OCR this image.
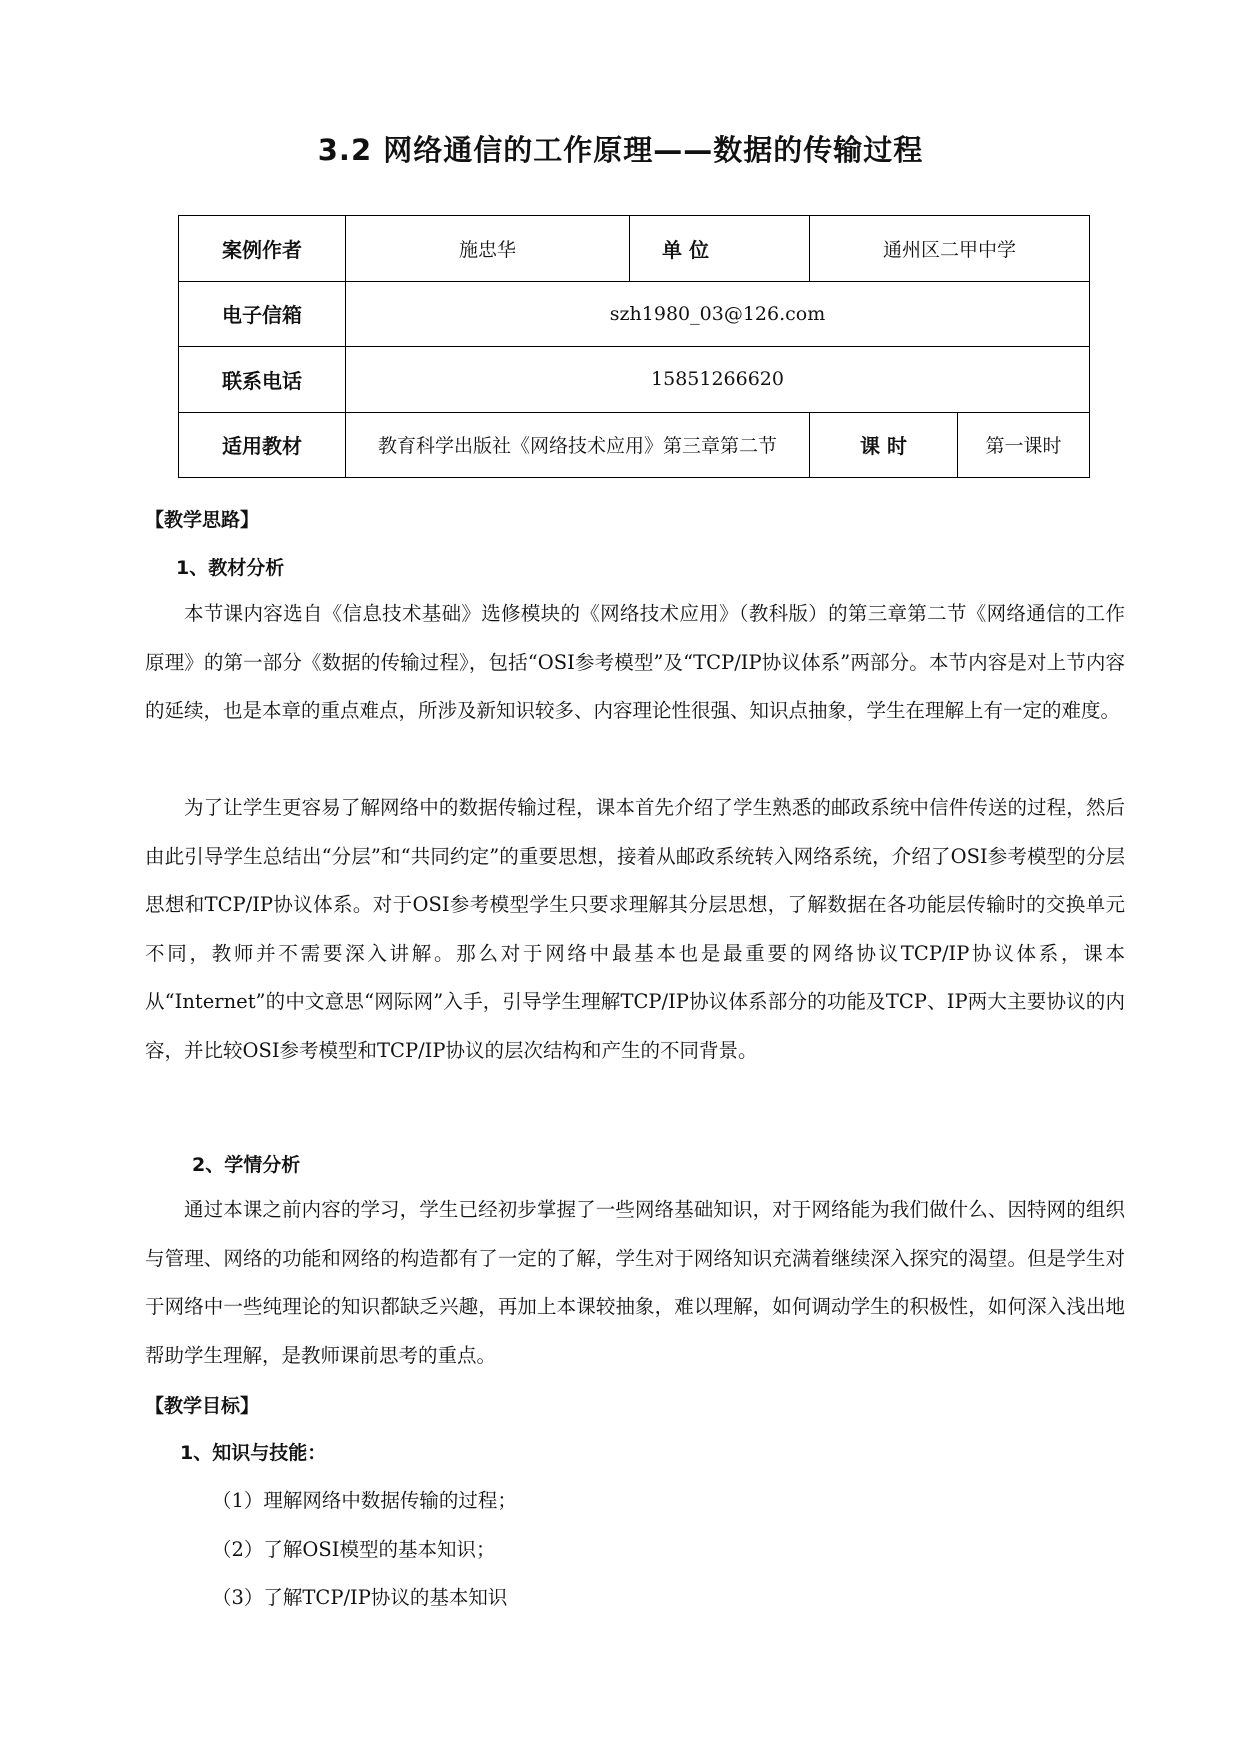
3.2 网络通信的工作原理——数据的传输过程
案例作者	施忠华	单 位	通州区二甲中学	
电子信箱	szh1980_03@126.com			
联系电话	15851266620			
适用教材	教育科学出版社《网络技术应用》第三章第二节		课 时	第一课时
【教学思路】
1、教材分析

本节课内容选自《信息技术基础》选修模块的《网络技术应用》（教科版）的第三章第二节《网络通信的工作原理》的第一部分《数据的传输过程》，包括“OSI参考模型”及“TCP/IP协议体系”两部分。本节内容是对上节内容的延续，也是本章的重点难点，所涉及新知识较多、内容理论性很强、知识点抽象，学生在理解上有一定的难度。

为了让学生更容易了解网络中的数据传输过程，课本首先介绍了学生熟悉的邮政系统中信件传送的过程，然后由此引导学生总结出“分层”和“共同约定”的重要思想，接着从邮政系统转入网络系统，介绍了OSI参考模型的分层思想和TCP/IP协议体系。对于OSI参考模型学生只要求理解其分层思想，了解数据在各功能层传输时的交换单元不同，教师并不需要深入讲解。那么对于网络中最基本也是最重要的网络协议TCP/IP协议体系，课本从“Internet”的中文意思“网际网”入手，引导学生理解TCP/IP协议体系部分的功能及TCP、IP两大主要协议的内容，并比较OSI参考模型和TCP/IP协议的层次结构和产生的不同背景。

2、学情分析

通过本课之前内容的学习，学生已经初步掌握了一些网络基础知识，对于网络能为我们做什么、因特网的组织与管理、网络的功能和网络的构造都有了一定的了解，学生对于网络知识充满着继续深入探究的渴望。但是学生对于网络中一些纯理论的知识都缺乏兴趣，再加上本课较抽象，难以理解，如何调动学生的积极性，如何深入浅出地帮助学生理解，是教师课前思考的重点。

【教学目标】
1、知识与技能：
（1）理解网络中数据传输的过程；
（2）了解OSI模型的基本知识；
（3）了解TCP/IP协议的基本知识
